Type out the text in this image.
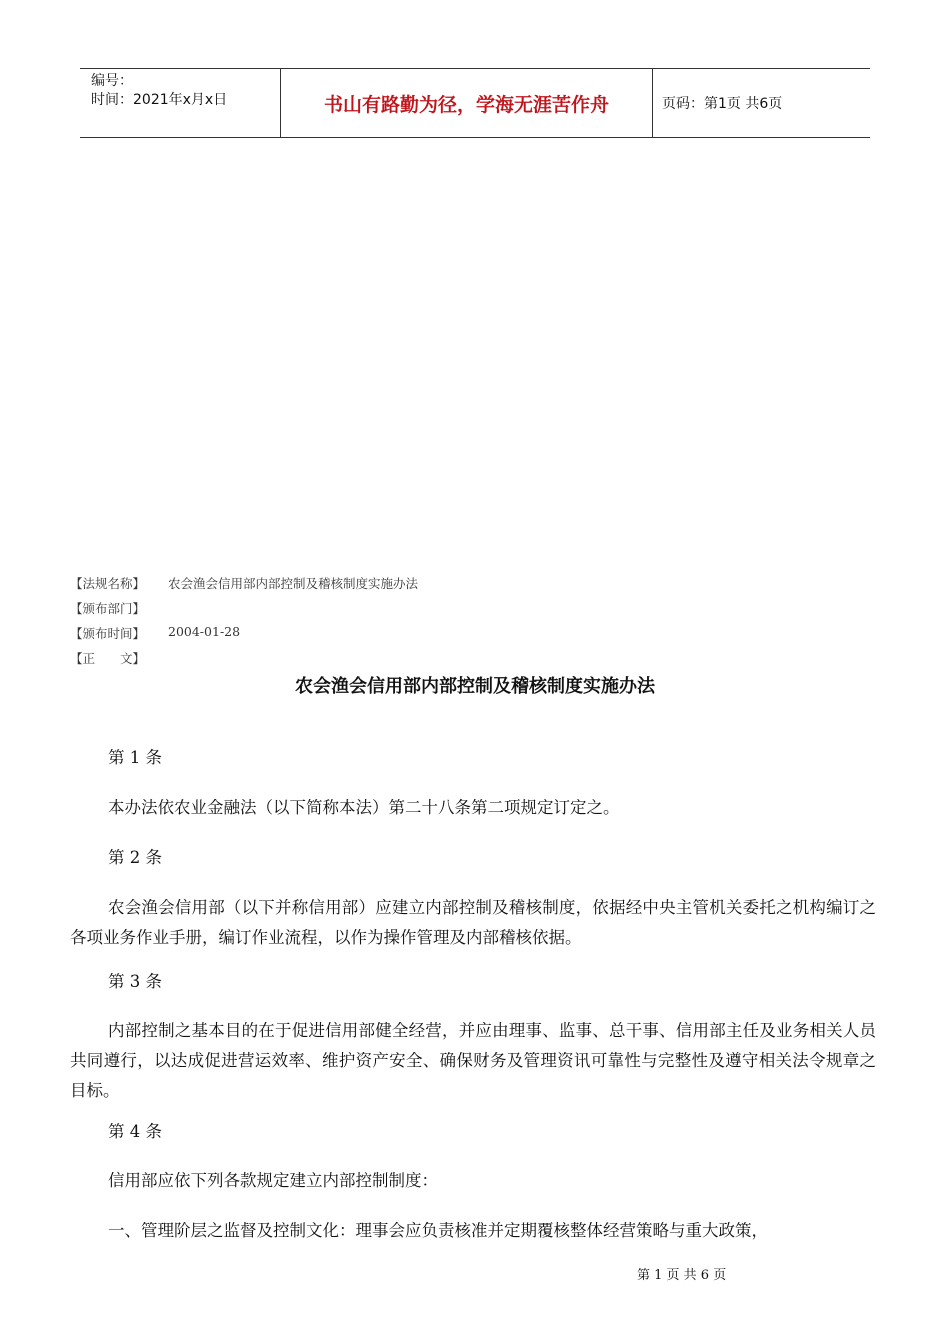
编号：
时间：2021年x月x日	书山有路勤为径，学海无涯苦作舟	页码：第1页 共6页
【法规名称】	农会渔会信用部内部控制及稽核制度实施办法
【颁布部门】
【颁布时间】	2004-01-28
【正　　文】
农会渔会信用部内部控制及稽核制度实施办法
第 1 条
本办法依农业金融法（以下简称本法）第二十八条第二项规定订定之。
第 2 条
农会渔会信用部（以下并称信用部）应建立内部控制及稽核制度，依据经中央主管机关委托之机构编订之各项业务作业手册，编订作业流程，以作为操作管理及内部稽核依据。
第 3 条
内部控制之基本目的在于促进信用部健全经营，并应由理事、监事、总干事、信用部主任及业务相关人员共同遵行，以达成促进营运效率、维护资产安全、确保财务及管理资讯可靠性与完整性及遵守相关法令规章之目标。
第 4 条
信用部应依下列各款规定建立内部控制制度：
一、管理阶层之监督及控制文化：理事会应负责核准并定期覆核整体经营策略与重大政策，
第 1 页 共 6 页
